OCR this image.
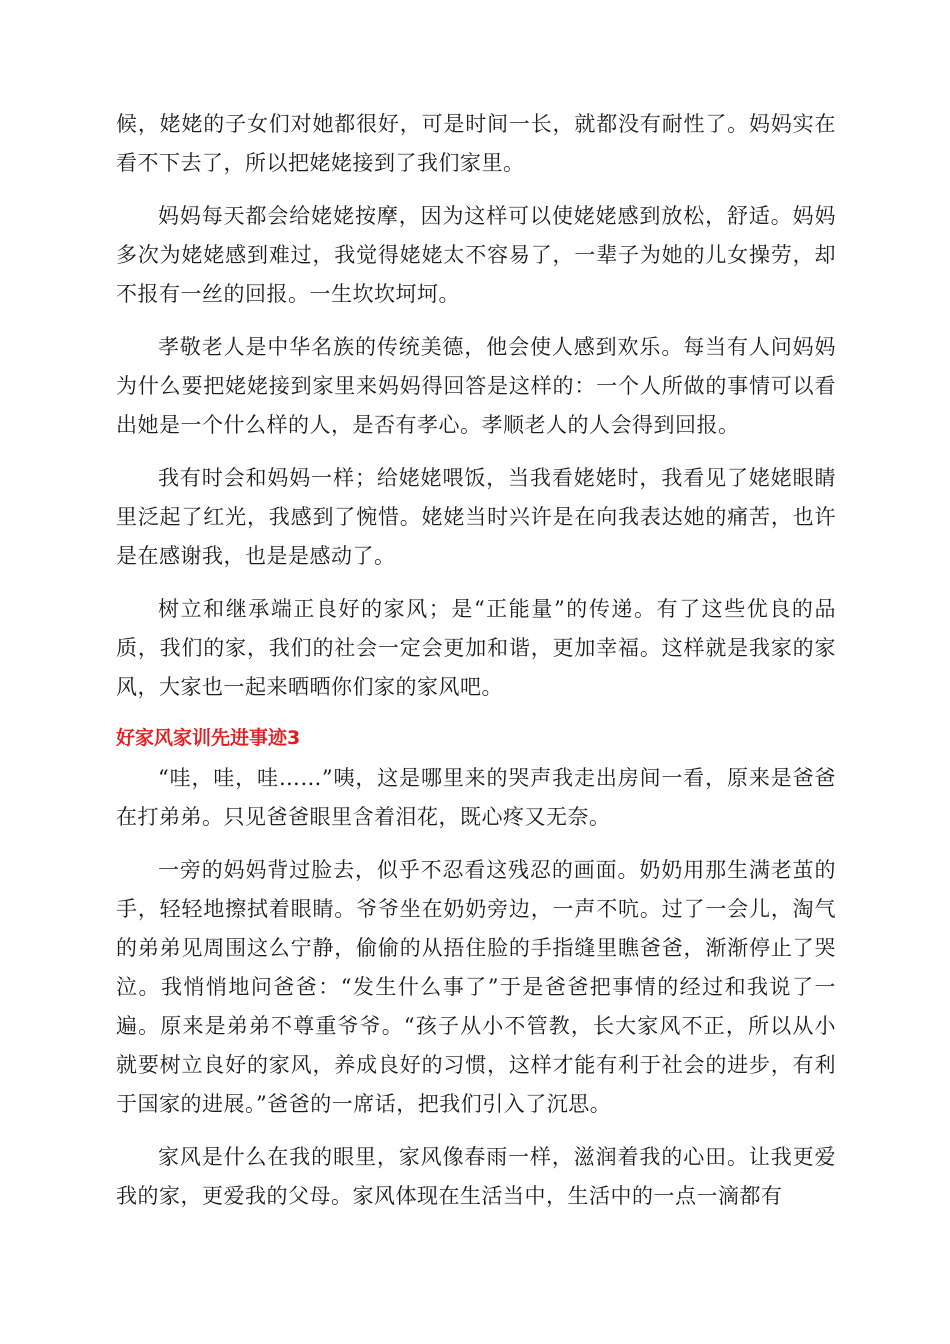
候，姥姥的子女们对她都很好，可是时间一长，就都没有耐性了。妈妈实在看不下去了，所以把姥姥接到了我们家里。

妈妈每天都会给姥姥按摩，因为这样可以使姥姥感到放松，舒适。妈妈多次为姥姥感到难过，我觉得姥姥太不容易了，一辈子为她的儿女操劳，却不报有一丝的回报。一生坎坎坷坷。

孝敬老人是中华名族的传统美德，他会使人感到欢乐。每当有人问妈妈为什么要把姥姥接到家里来妈妈得回答是这样的：一个人所做的事情可以看出她是一个什么样的人，是否有孝心。孝顺老人的人会得到回报。

我有时会和妈妈一样；给姥姥喂饭，当我看姥姥时，我看见了姥姥眼睛里泛起了红光，我感到了惋惜。姥姥当时兴许是在向我表达她的痛苦，也许是在感谢我，也是是感动了。

树立和继承端正良好的家风；是“正能量”的传递。有了这些优良的品质，我们的家，我们的社会一定会更加和谐，更加幸福。这样就是我家的家风，大家也一起来晒晒你们家的家风吧。

好家风家训先进事迹3

“哇，哇，哇……”咦，这是哪里来的哭声我走出房间一看，原来是爸爸在打弟弟。只见爸爸眼里含着泪花，既心疼又无奈。

一旁的妈妈背过脸去，似乎不忍看这残忍的画面。奶奶用那生满老茧的手，轻轻地擦拭着眼睛。爷爷坐在奶奶旁边，一声不吭。过了一会儿，淘气的弟弟见周围这么宁静，偷偷的从捂住脸的手指缝里瞧爸爸，渐渐停止了哭泣。我悄悄地问爸爸：“发生什么事了”于是爸爸把事情的经过和我说了一遍。原来是弟弟不尊重爷爷。“孩子从小不管教，长大家风不正，所以从小就要树立良好的家风，养成良好的习惯，这样才能有利于社会的进步，有利于国家的进展。”爸爸的一席话，把我们引入了沉思。

家风是什么在我的眼里，家风像春雨一样，滋润着我的心田。让我更爱我的家，更爱我的父母。家风体现在生活当中，生活中的一点一滴都有
